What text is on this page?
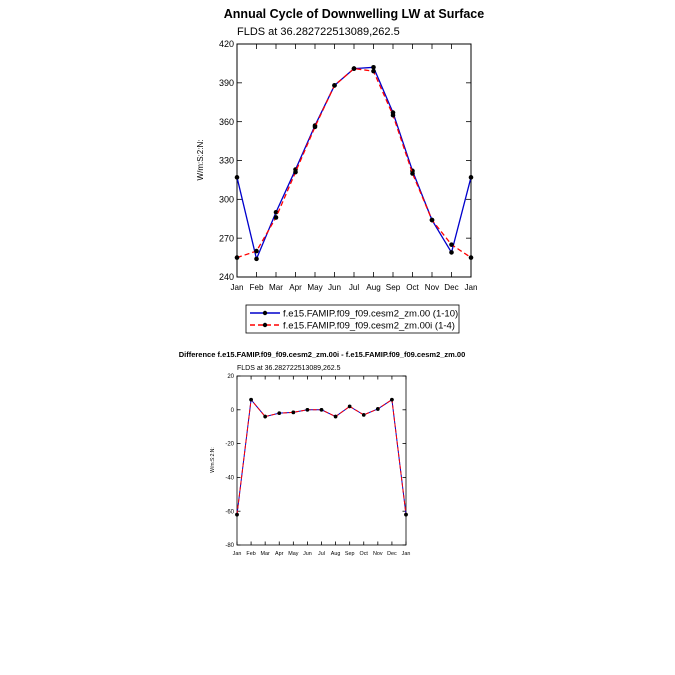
Annual Cycle of Downwelling LW at Surface
FLDS at 36.282722513089,262.5
W/m:S:2:N:
240
270
300
330
360
390
420
Jan Feb Mar Apr May Jun Jul Aug Sep Oct Nov Dec Jan
f.e15.FAMIP.f09_f09.cesm2_zm.00 (1-10)
f.e15.FAMIP.f09_f09.cesm2_zm.00i (1-4)
Difference f.e15.FAMIP.f09_f09.cesm2_zm.00i - f.e15.FAMIP.f09_f09.cesm2_zm.00
FLDS at 36.282722513089,262.5
W/m:S:2:N:
-80
-60
-40
-20
0
20
Jan Feb Mar Apr May Jun Jul Aug Sep Oct Nov Dec Jan
